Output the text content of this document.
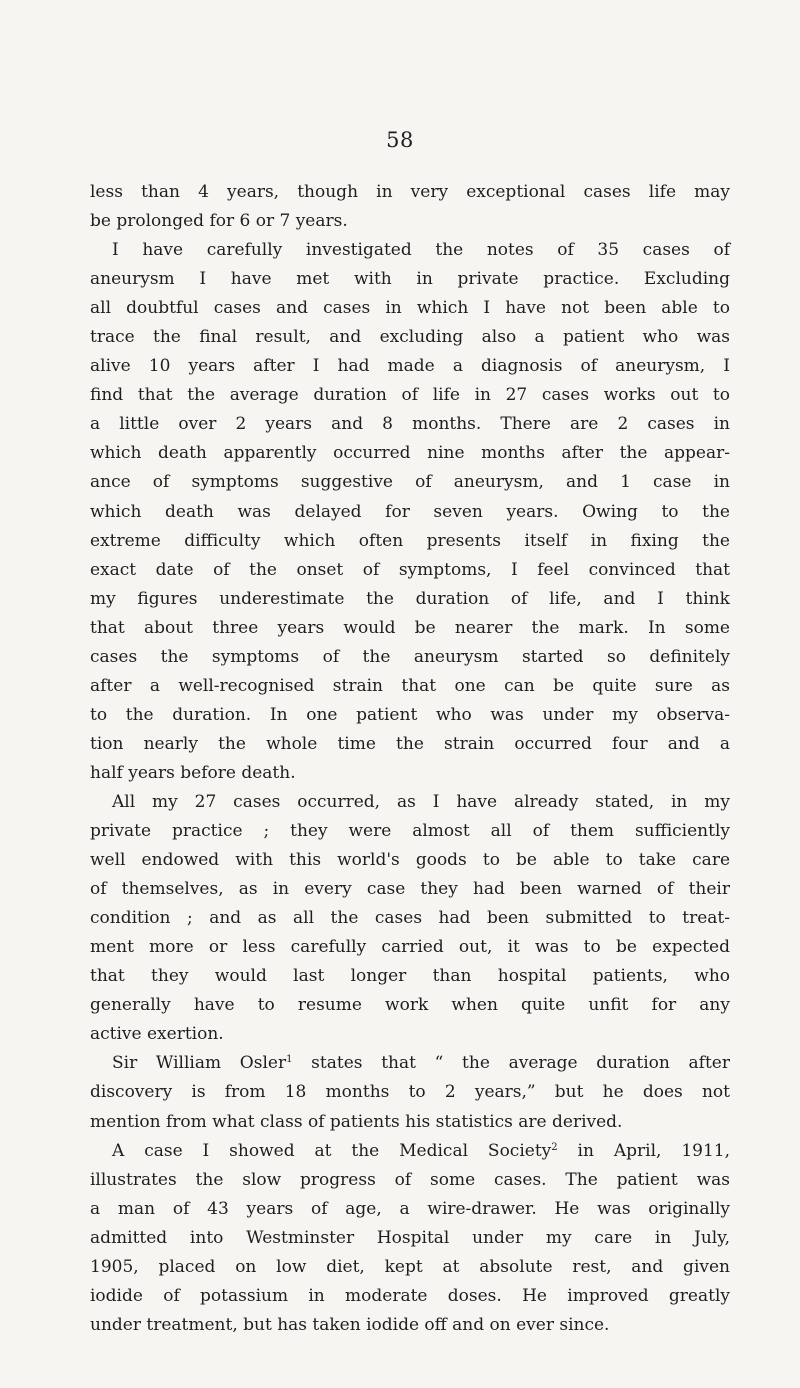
58
less than 4 years, though in very exceptional cases life may
be prolonged for 6 or 7 years.
I have carefully investigated the notes of 35 cases of
aneurysm I have met with in private practice. Excluding
all doubtful cases and cases in which I have not been able to
trace the final result, and excluding also a patient who was
alive 10 years after I had made a diagnosis of aneurysm, I
find that the average duration of life in 27 cases works out to
a little over 2 years and 8 months. There are 2 cases in
which death apparently occurred nine months after the appear-
ance of symptoms suggestive of aneurysm, and 1 case in
which death was delayed for seven years. Owing to the
extreme difficulty which often presents itself in fixing the
exact date of the onset of symptoms, I feel convinced that
my figures underestimate the duration of life, and I think
that about three years would be nearer the mark. In some
cases the symptoms of the aneurysm started so definitely
after a well-recognised strain that one can be quite sure as
to the duration. In one patient who was under my observa-
tion nearly the whole time the strain occurred four and a
half years before death.
All my 27 cases occurred, as I have already stated, in my
private practice ; they were almost all of them sufficiently
well endowed with this world's goods to be able to take care
of themselves, as in every case they had been warned of their
condition ; and as all the cases had been submitted to treat-
ment more or less carefully carried out, it was to be expected
that they would last longer than hospital patients, who
generally have to resume work when quite unfit for any
active exertion.
Sir William Osler$^1$ states that “ the average duration after
discovery is from 18 months to 2 years,” but he does not
mention from what class of patients his statistics are derived.
A case I showed at the Medical Society$^2$ in April, 1911,
illustrates the slow progress of some cases. The patient was
a man of 43 years of age, a wire-drawer. He was originally
admitted into Westminster Hospital under my care in July,
1905, placed on low diet, kept at absolute rest, and given
iodide of potassium in moderate doses. He improved greatly
under treatment, but has taken iodide off and on ever since.
